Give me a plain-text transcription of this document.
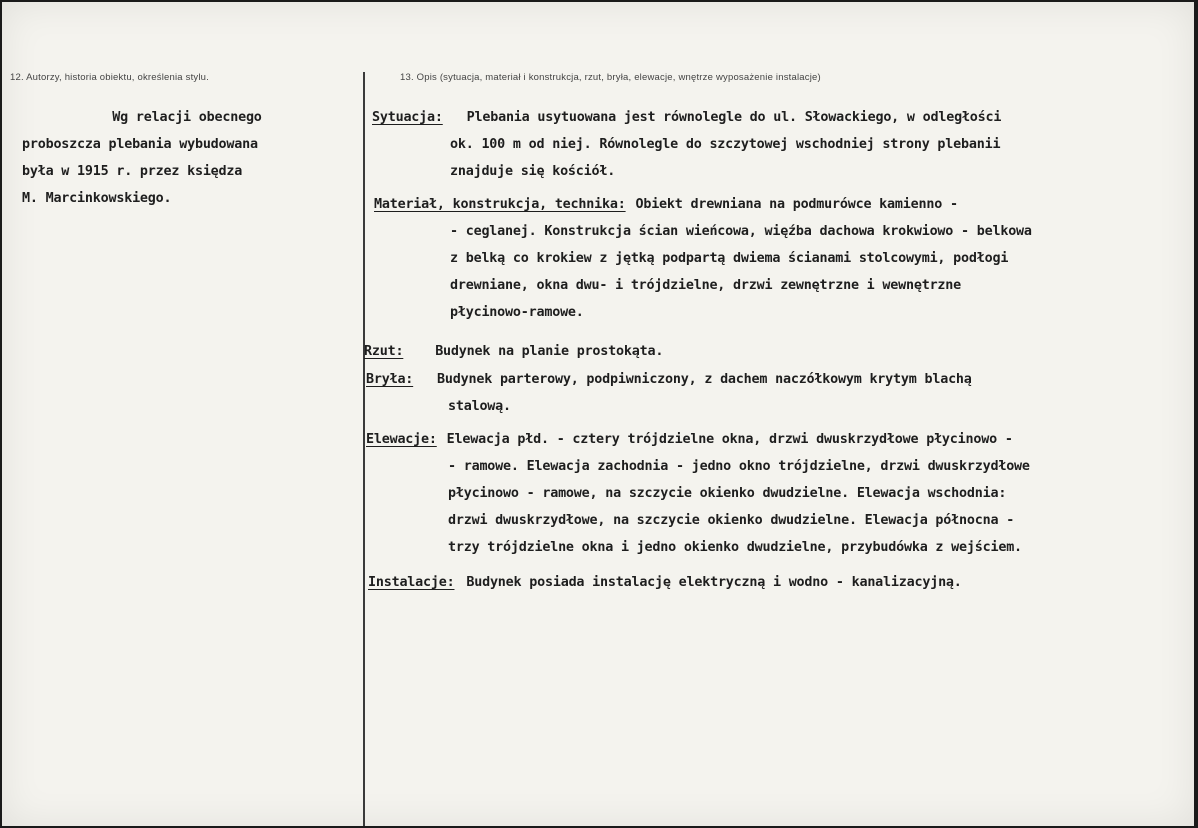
12. Autorzy, historia obiektu, określenia stylu.	13. Opis (sytuacja, materiał i konstrukcja, rzut, bryła, elewacje, wnętrze wyposażenie instalacje)
Wg relacji obecnego
proboszcza plebania wybudowana
była w 1915 r. przez księdza
M. Marcinkowskiego.
Sytuacja: Plebania usytuowana jest równolegle do ul. Słowackiego, w odległości
ok. 100 m od niej. Równolegle do szczytowej wschodniej strony plebanii
znajduje się kościół.
Materiał, konstrukcja, technika: Obiekt drewniana na podmurówce kamienno -
- ceglanej. Konstrukcja ścian wieńcowa, więźba dachowa krokwiowo - belkowa
z belką co krokiew z jętką podpartą dwiema ścianami stolcowymi, podłogi
drewniane, okna dwu- i trójdzielne, drzwi zewnętrzne i wewnętrzne
płycinowo-ramowe.
Rzut: Budynek na planie prostokąta.
Bryła: Budynek parterowy, podpiwniczony, z dachem naczółkowym krytym blachą
stalową.
Elewacje: Elewacja płd. - cztery trójdzielne okna, drzwi dwuskrzydłowe płycinowo -
- ramowe. Elewacja zachodnia - jedno okno trójdzielne, drzwi dwuskrzydłowe
płycinowo - ramowe, na szczycie okienko dwudzielne. Elewacja wschodnia:
drzwi dwuskrzydłowe, na szczycie okienko dwudzielne. Elewacja północna -
trzy trójdzielne okna i jedno okienko dwudzielne, przybudówka z wejściem.
Instalacje: Budynek posiada instalację elektryczną i wodno - kanalizacyjną.
